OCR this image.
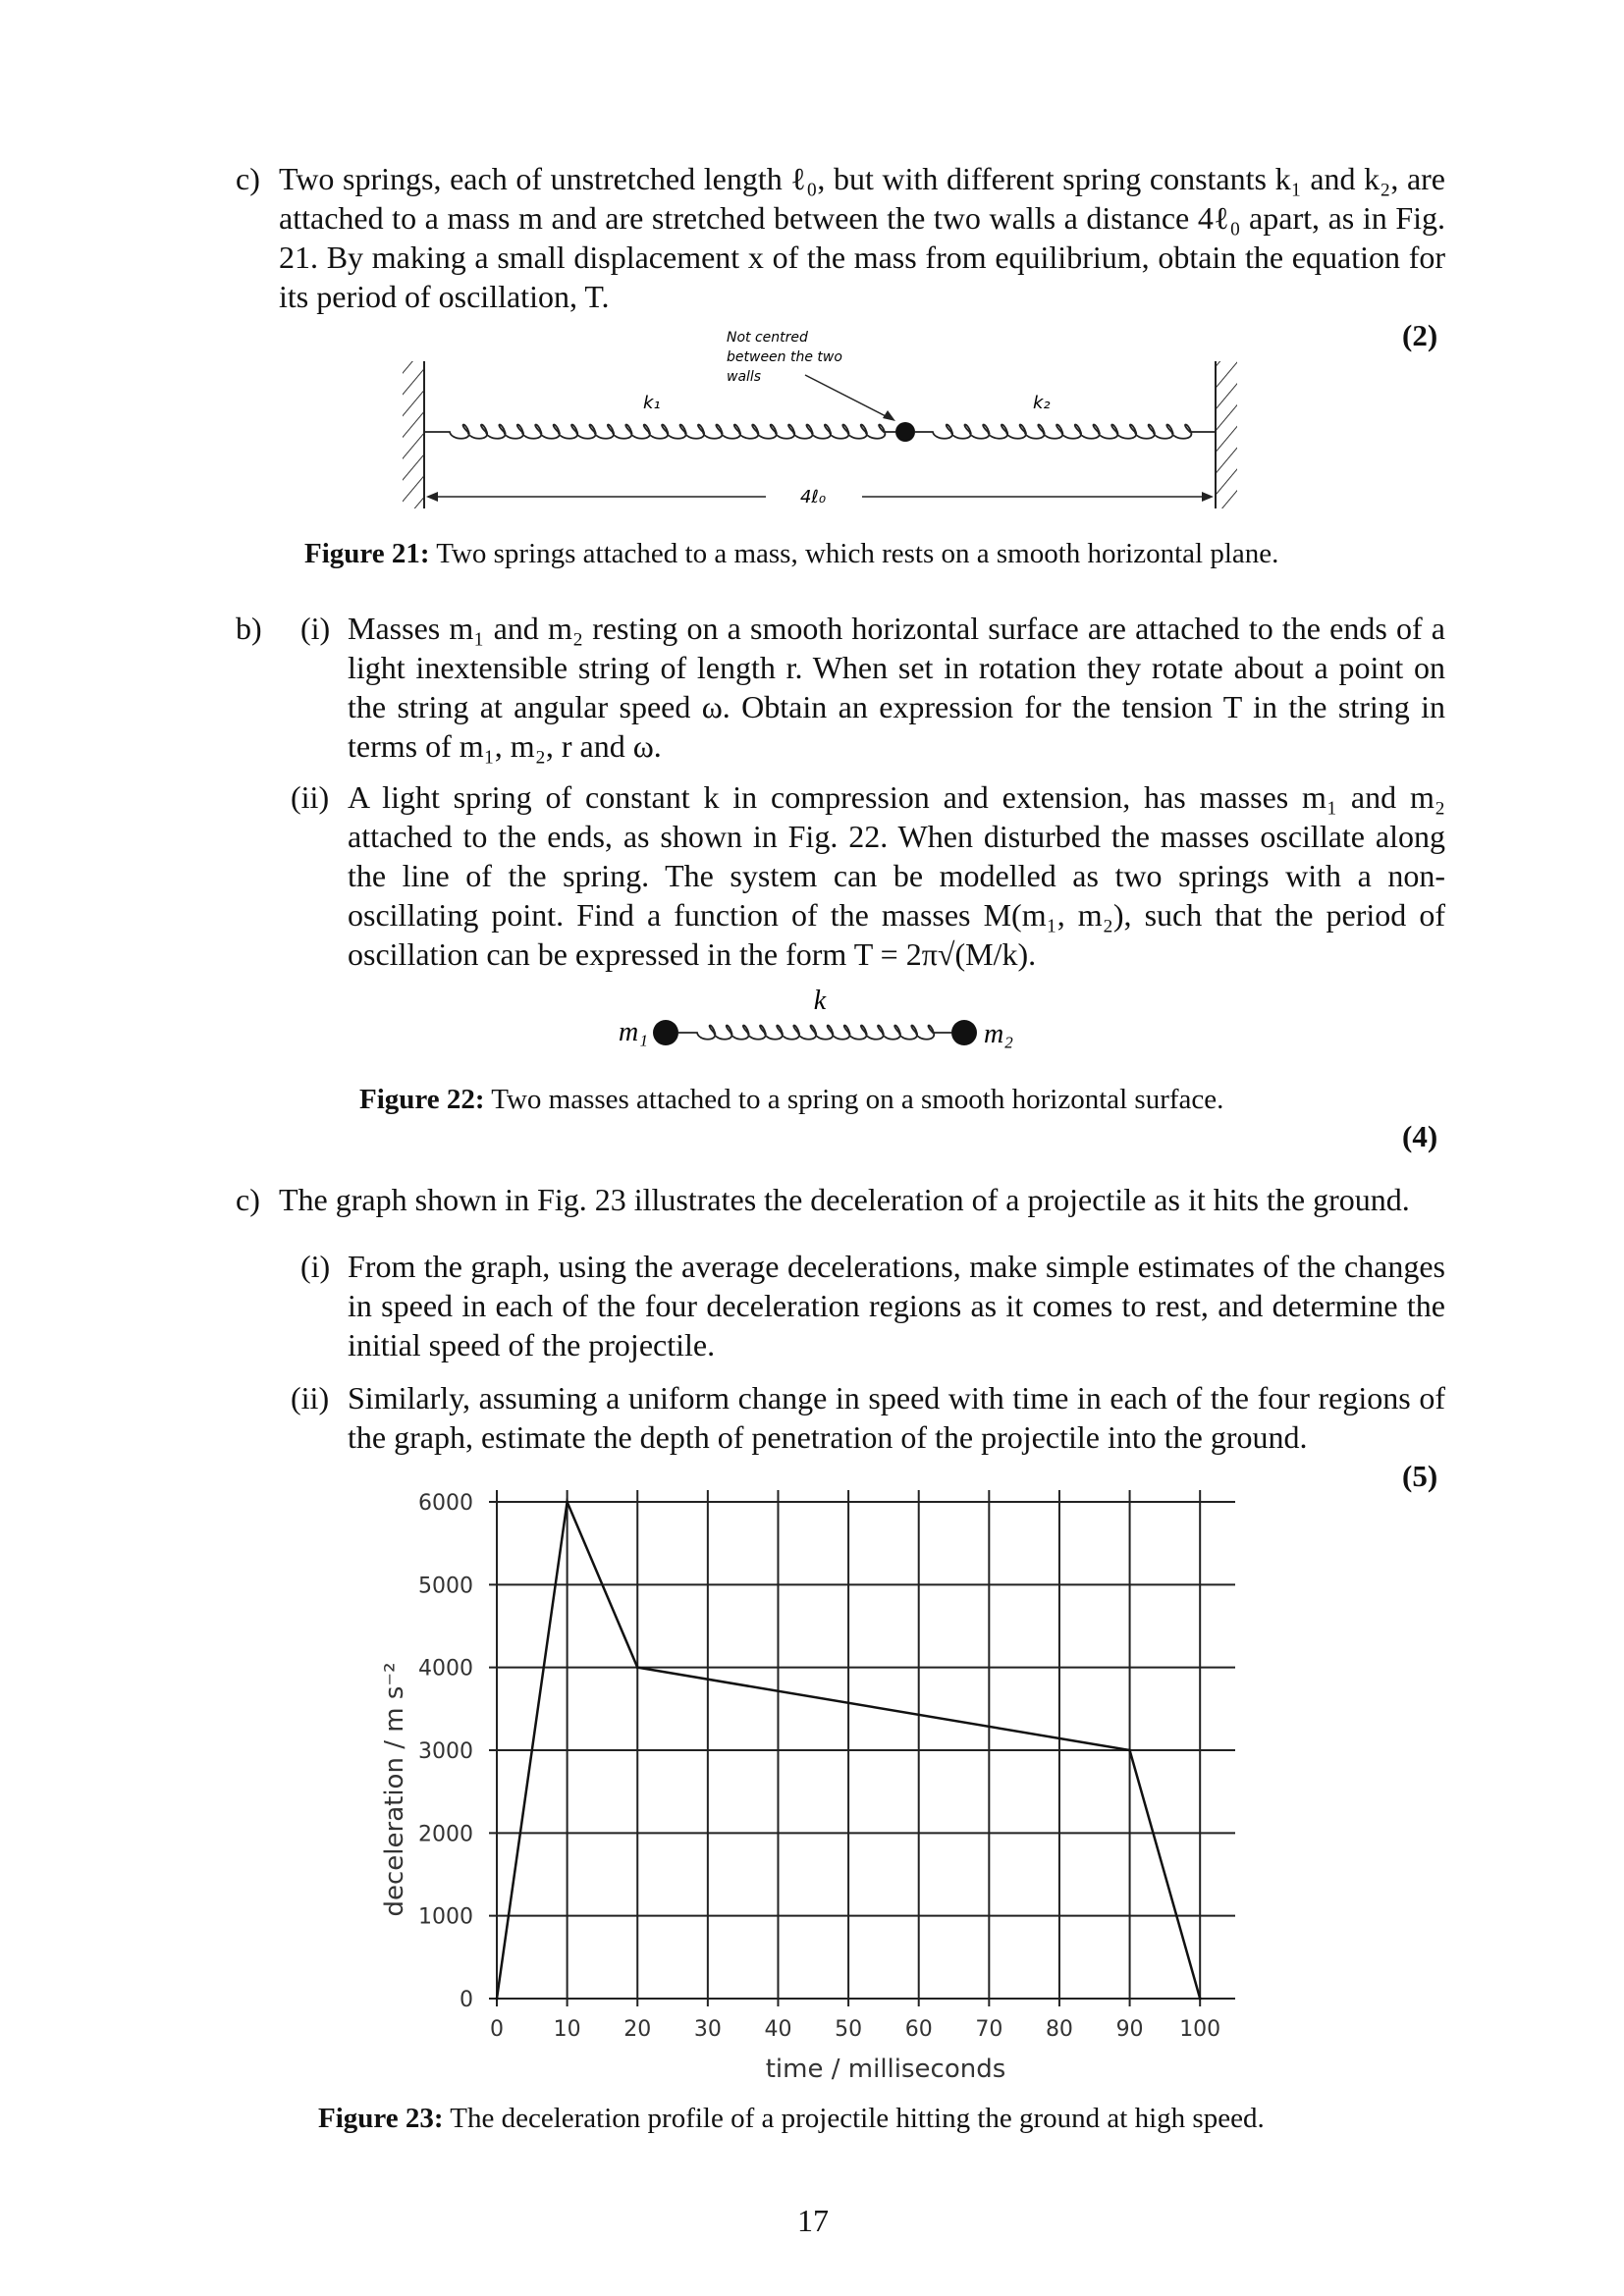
c) Two springs, each of unstretched length ℓ₀, but with different spring constants k₁ and k₂, are attached to a mass m and are stretched between the two walls a distance 4ℓ₀ apart, as in Fig. 21. By making a small displacement x of the mass from equilibrium, obtain the equation for its period of oscillation, T.
(2)
k₁	k₂
Not centred
between the two
walls
4ℓ₀
Figure 21: Two springs attached to a mass, which rests on a smooth horizontal plane.
b) (i) Masses m₁ and m₂ resting on a smooth horizontal surface are attached to the ends of a light inextensible string of length r. When set in rotation they rotate about a point on the string at angular speed ω. Obtain an expression for the tension T in the string in terms of m₁, m₂, r and ω.
(ii) A light spring of constant k in compression and extension, has masses m₁ and m₂ attached to the ends, as shown in Fig. 22. When disturbed the masses oscillate along the line of the spring. The system can be modelled as two springs with a non-oscillating point. Find a function of the masses M(m₁, m₂), such that the period of oscillation can be expressed in the form T = 2π√(M/k).
k
m₁	m₂
Figure 22: Two masses attached to a spring on a smooth horizontal surface.
(4)
c) The graph shown in Fig. 23 illustrates the deceleration of a projectile as it hits the ground.
(i) From the graph, using the average decelerations, make simple estimates of the changes in speed in each of the four deceleration regions as it comes to rest, and determine the initial speed of the projectile.
(ii) Similarly, assuming a uniform change in speed with time in each of the four regions of the graph, estimate the depth of penetration of the projectile into the ground.
(5)
0
1000
2000
3000
4000
5000
6000
0 10 20 30 40 50 60 70 80 90 100
time / milliseconds
deceleration / m s⁻²
Figure 23: The deceleration profile of a projectile hitting the ground at high speed.
17
